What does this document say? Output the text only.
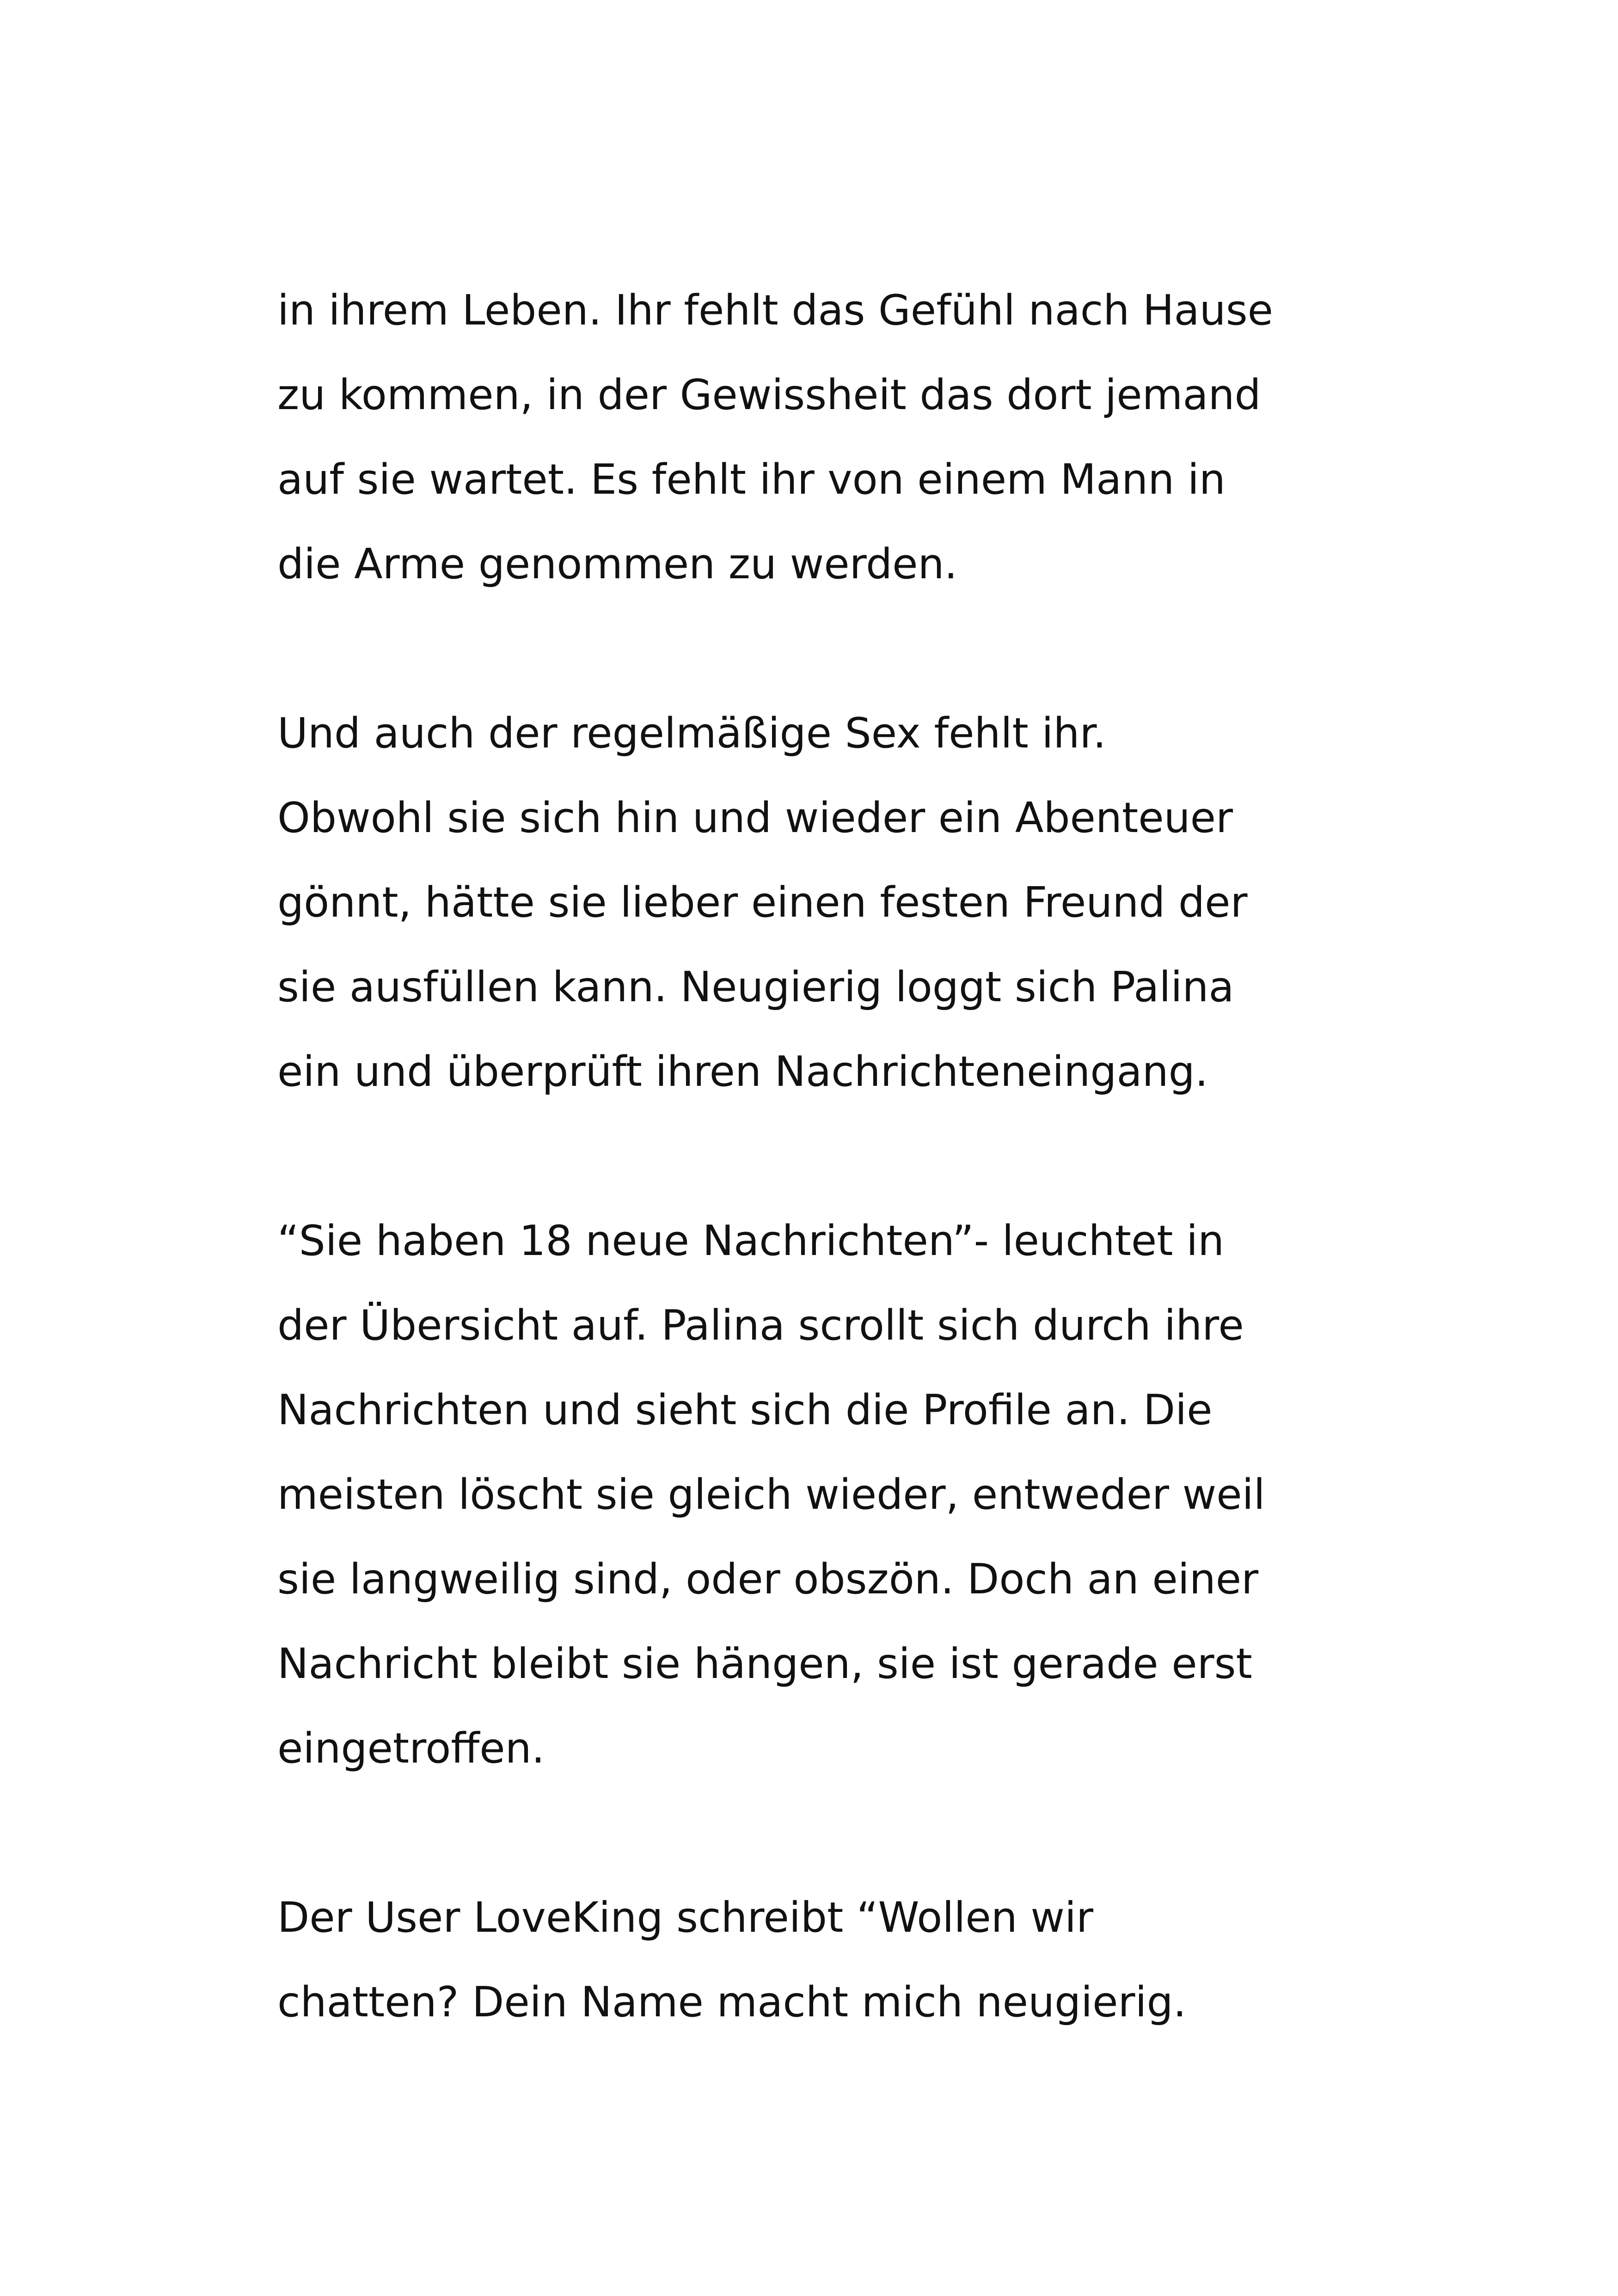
in ihrem Leben. Ihr fehlt das Gefühl nach Hause
zu kommen, in der Gewissheit das dort jemand
auf sie wartet. Es fehlt ihr von einem Mann in
die Arme genommen zu werden.

Und auch der regelmäßige Sex fehlt ihr.
Obwohl sie sich hin und wieder ein Abenteuer
gönnt, hätte sie lieber einen festen Freund der
sie ausfüllen kann. Neugierig loggt sich Palina
ein und überprüft ihren Nachrichteneingang.

“Sie haben 18 neue Nachrichten”- leuchtet in
der Übersicht auf. Palina scrollt sich durch ihre
Nachrichten und sieht sich die Profile an. Die
meisten löscht sie gleich wieder, entweder weil
sie langweilig sind, oder obszön. Doch an einer
Nachricht bleibt sie hängen, sie ist gerade erst
eingetroffen.

Der User LoveKing schreibt “Wollen wir
chatten? Dein Name macht mich neugierig.
